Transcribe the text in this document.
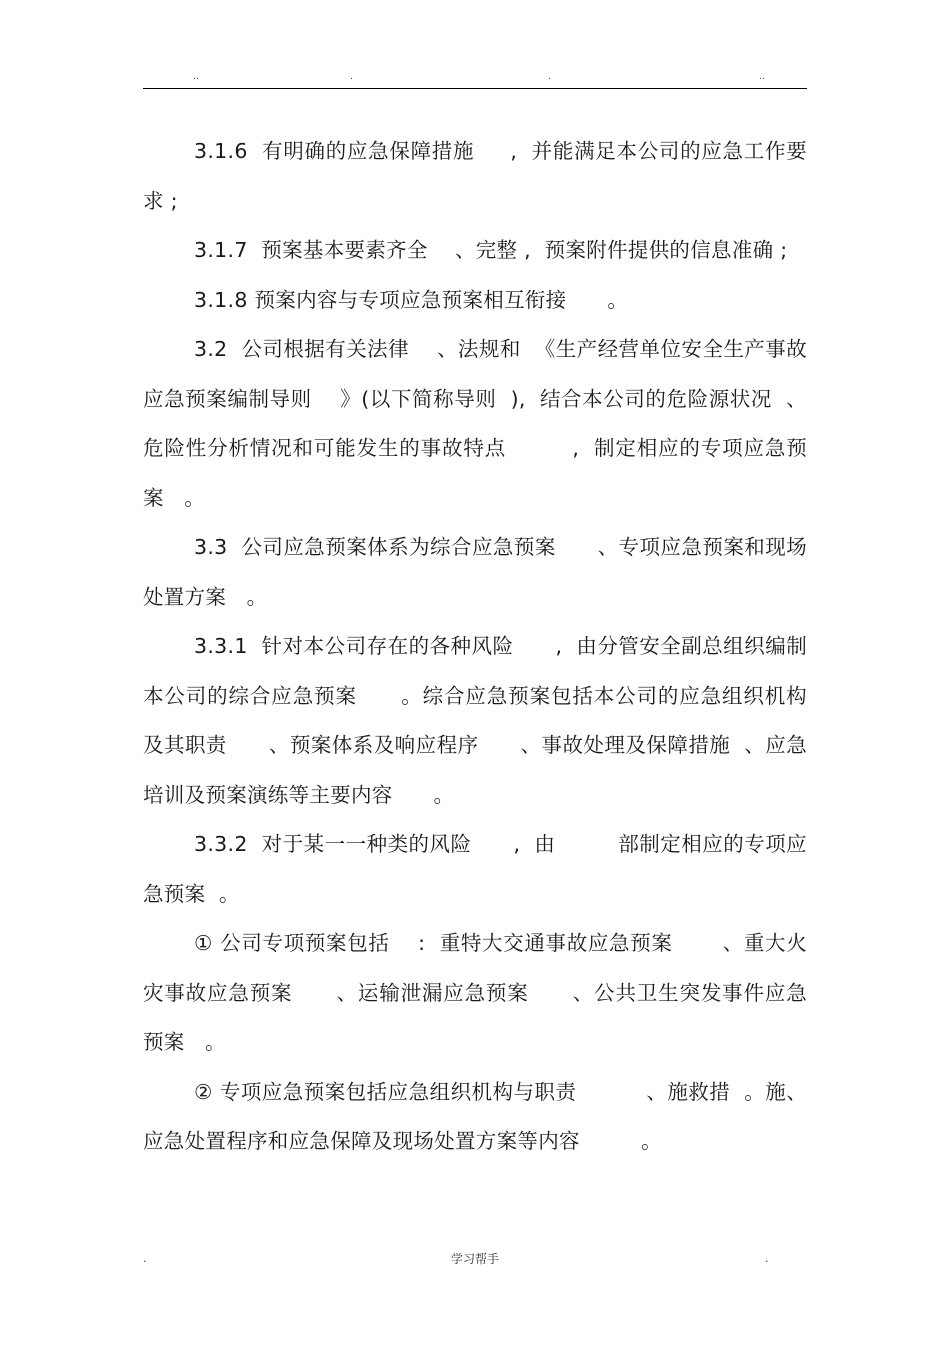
..	.	.	..

3.1.6  有明确的应急保障措施     ,  并能满足本公司的应急工作要求 ;

3.1.7  预案基本要素齐全    、完整 ,  预案附件提供的信息准确 ;

3.1.8 预案内容与专项应急预案相互衔接      。

3.2  公司根据有关法律    、法规和  《生产经营单位安全生产事故应急预案编制导则    》(以下简称导则  ),  结合本公司的危险源状况  、危险性分析情况和可能发生的事故特点         ,  制定相应的专项应急预案   。

3.3  公司应急预案体系为综合应急预案      、专项应急预案和现场处置方案   。

3.3.1  针对本公司存在的各种风险      ,  由分管安全副总组织编制本公司的综合应急预案      。综合应急预案包括本公司的应急组织机构及其职责      、预案体系及响应程序      、事故处理及保障措施  、应急培训及预案演练等主要内容      。

3.3.2  对于某一一种类的风险      ,  由         部制定相应的专项应急预案  。

① 公司专项预案包括    :  重特大交通事故应急预案       、重大火灾事故应急预案      、运输泄漏应急预案      、公共卫生突发事件应急预案   。

② 专项应急预案包括应急组织机构与职责          、施救措  。施、应急处置程序和应急保障及现场处置方案等内容         。

.	学习帮手	.
